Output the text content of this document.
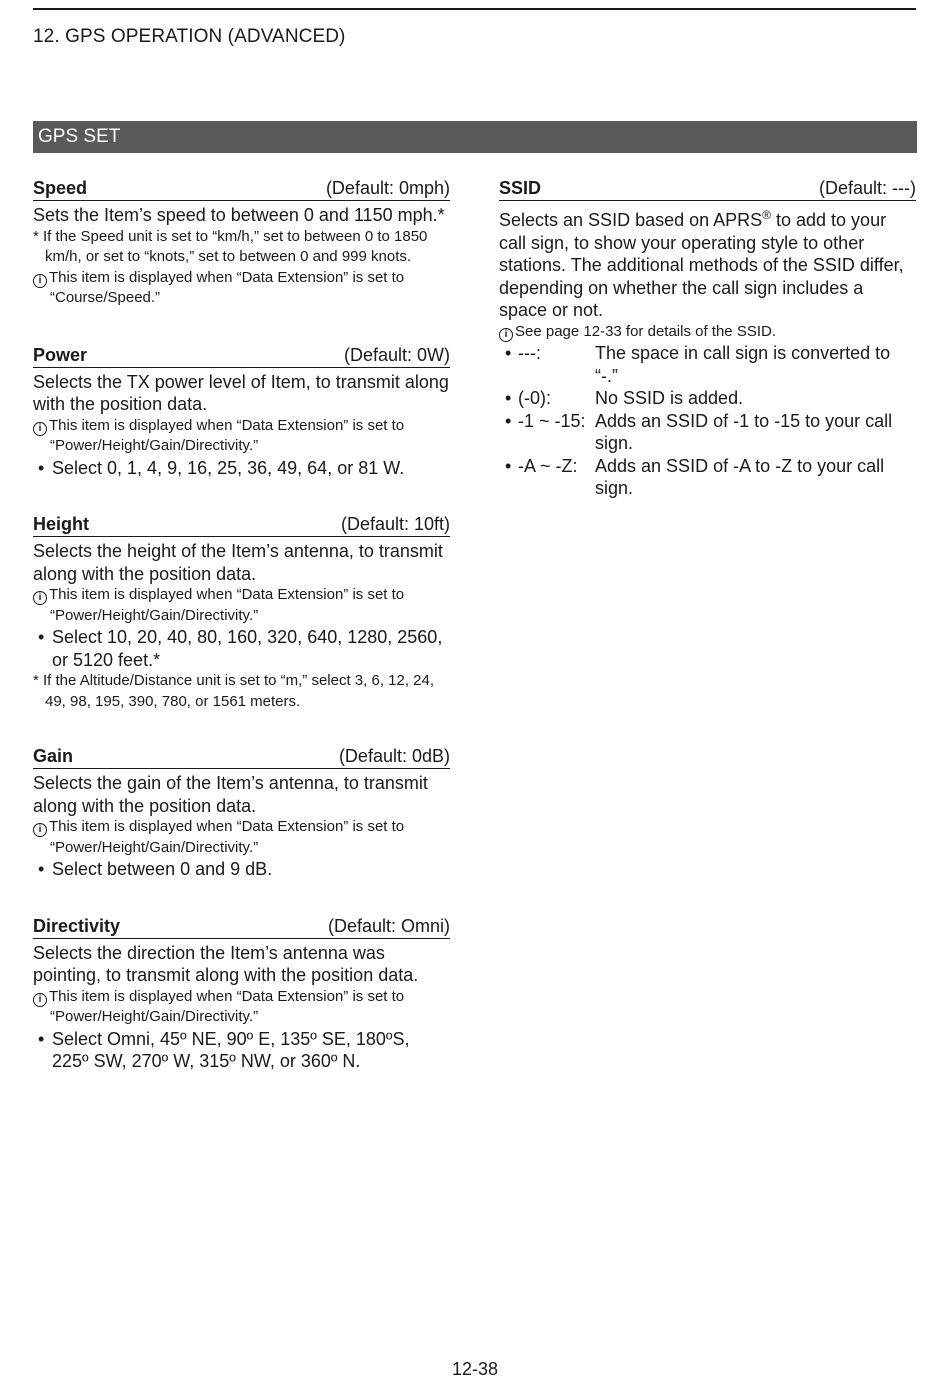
12. GPS OPERATION (ADVANCED)
GPS SET
Speed	(Default: 0mph)
Sets the Item’s speed to between 0 and 1150 mph.*
* If the Speed unit is set to “km/h,” set to between 0 to 1850 km/h, or set to “knots,” set to between 0 and 999 knots.
i This item is displayed when “Data Extension” is set to “Course/Speed.”
Power	(Default: 0W)
Selects the TX power level of Item, to transmit along with the position data.
i This item is displayed when “Data Extension” is set to “Power/Height/Gain/Directivity.”
• Select 0, 1, 4, 9, 16, 25, 36, 49, 64, or 81 W.
Height	(Default: 10ft)
Selects the height of the Item’s antenna, to transmit along with the position data.
i This item is displayed when “Data Extension” is set to “Power/Height/Gain/Directivity.”
• Select 10, 20, 40, 80, 160, 320, 640, 1280, 2560, or 5120 feet.*
* If the Altitude/Distance unit is set to “m,” select 3, 6, 12, 24, 49, 98, 195, 390, 780, or 1561 meters.
Gain	(Default: 0dB)
Selects the gain of the Item’s antenna, to transmit along with the position data.
i This item is displayed when “Data Extension” is set to “Power/Height/Gain/Directivity.”
• Select between 0 and 9 dB.
Directivity	(Default: Omni)
Selects the direction the Item’s antenna was pointing, to transmit along with the position data.
i This item is displayed when “Data Extension” is set to “Power/Height/Gain/Directivity.”
• Select Omni, 45º NE, 90º E, 135º SE, 180ºS, 225º SW, 270º W, 315º NW, or 360º N.
SSID	(Default: ---)
Selects an SSID based on APRS® to add to your call sign, to show your operating style to other stations. The additional methods of the SSID differ, depending on whether the call sign includes a space or not.
i See page 12-33 for details of the SSID.
• ---:	The space in call sign is converted to “-.”
• (-0):	No SSID is added.
• -1 ~ -15: Adds an SSID of -1 to -15 to your call sign.
• -A ~ -Z: Adds an SSID of -A to -Z to your call sign.
12-38
